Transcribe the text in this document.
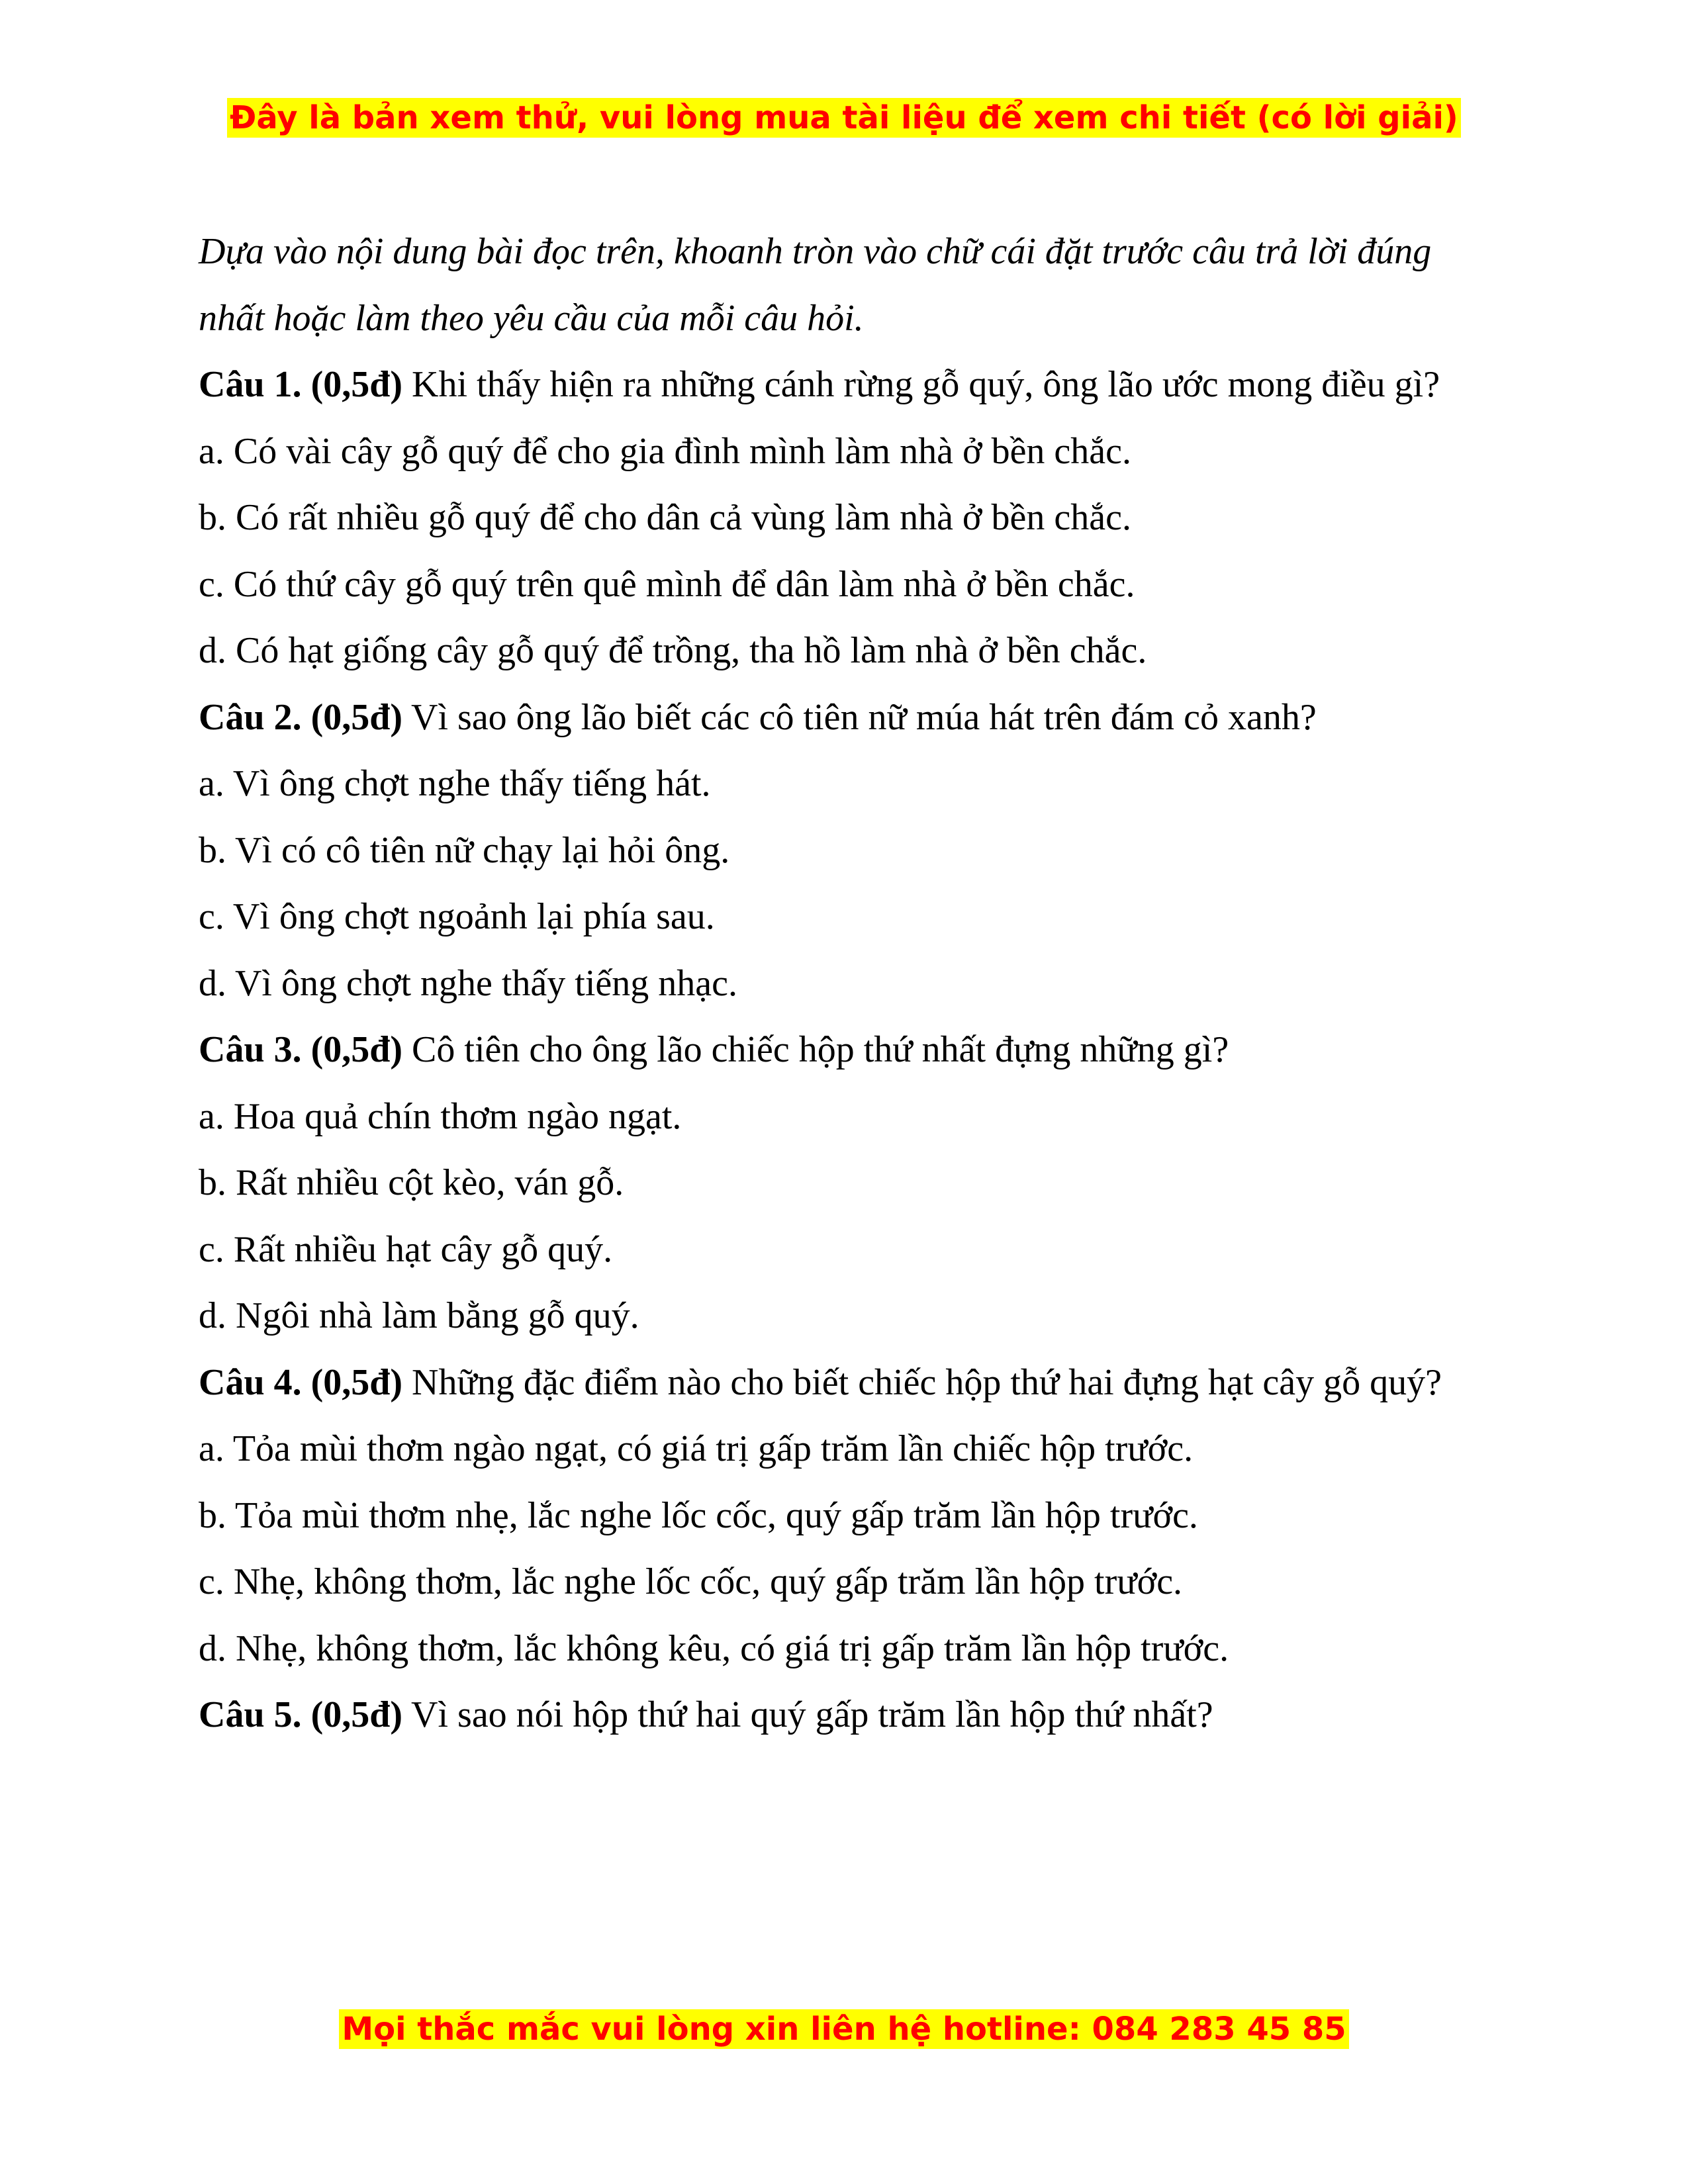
Đây là bản xem thử, vui lòng mua tài liệu để xem chi tiết (có lời giải)

Dựa vào nội dung bài đọc trên, khoanh tròn vào chữ cái đặt trước câu trả lời đúng nhất hoặc làm theo yêu cầu của mỗi câu hỏi.

Câu 1. (0,5đ) Khi thấy hiện ra những cánh rừng gỗ quý, ông lão ước mong điều gì?

a. Có vài cây gỗ quý để cho gia đình mình làm nhà ở bền chắc.

b. Có rất nhiều gỗ quý để cho dân cả vùng làm nhà ở bền chắc.

c. Có thứ cây gỗ quý trên quê mình để dân làm nhà ở bền chắc.

d. Có hạt giống cây gỗ quý để trồng, tha hồ làm nhà ở bền chắc.

Câu 2. (0,5đ) Vì sao ông lão biết các cô tiên nữ múa hát trên đám cỏ xanh?

a. Vì ông chợt nghe thấy tiếng hát.

b. Vì có cô tiên nữ chạy lại hỏi ông.

c. Vì ông chợt ngoảnh lại phía sau.

d. Vì ông chợt nghe thấy tiếng nhạc.

Câu 3. (0,5đ) Cô tiên cho ông lão chiếc hộp thứ nhất đựng những gì?

a. Hoa quả chín thơm ngào ngạt.

b. Rất nhiều cột kèo, ván gỗ.

c. Rất nhiều hạt cây gỗ quý.

d. Ngôi nhà làm bằng gỗ quý.

Câu 4. (0,5đ) Những đặc điểm nào cho biết chiếc hộp thứ hai đựng hạt cây gỗ quý?

a. Tỏa mùi thơm ngào ngạt, có giá trị gấp trăm lần chiếc hộp trước.

b. Tỏa mùi thơm nhẹ, lắc nghe lốc cốc, quý gấp trăm lần hộp trước.

c. Nhẹ, không thơm, lắc nghe lốc cốc, quý gấp trăm lần hộp trước.

d. Nhẹ, không thơm, lắc không kêu, có giá trị gấp trăm lần hộp trước.

Câu 5. (0,5đ) Vì sao nói hộp thứ hai quý gấp trăm lần hộp thứ nhất?

Mọi thắc mắc vui lòng xin liên hệ hotline: 084 283 45 85
